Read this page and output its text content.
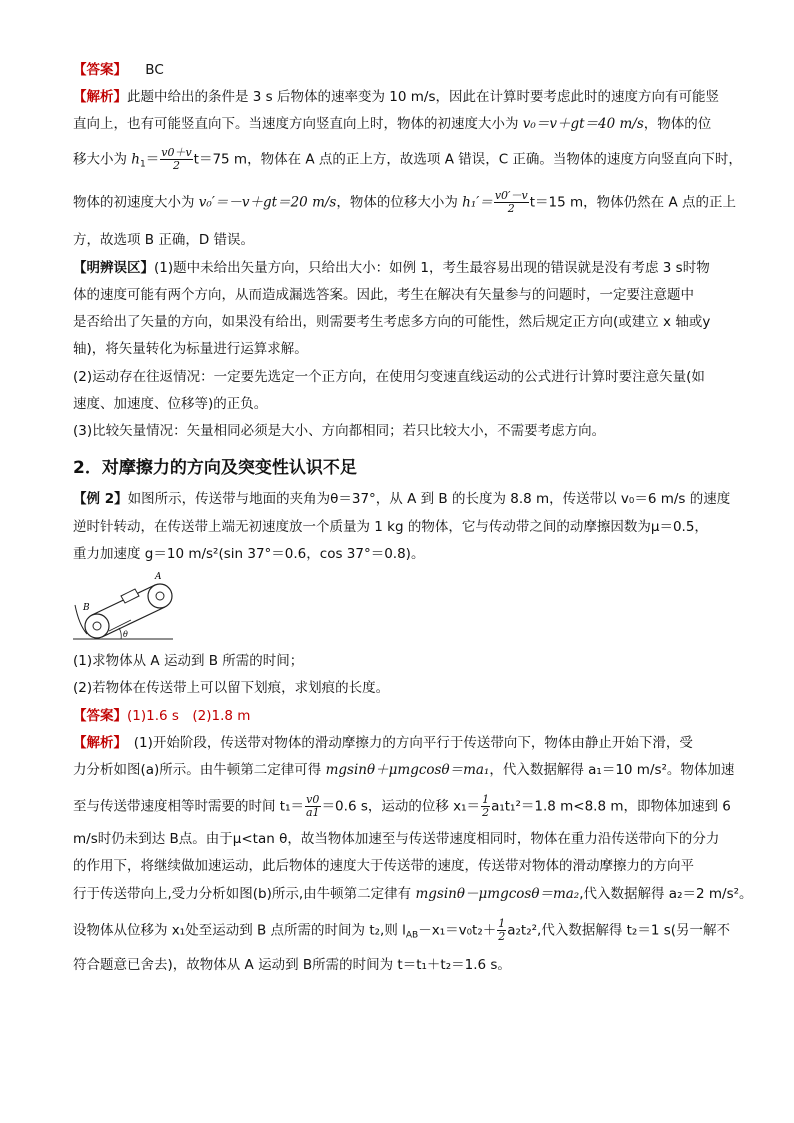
【答案】 BC
【解析】此题中给出的条件是 3 s 后物体的速率变为 10 m/s，因此在计算时要考虑此时的速度方向有可能竖
直向上，也有可能竖直向下。当速度方向竖直向上时，物体的初速度大小为 v₀＝v＋gt＝40 m/s，物体的位
移大小为 $h_1= \frac{v0+v}{2} t=75$ m，物体在 A 点的正上方，故选项 A 错误，C 正确。当物体的速度方向竖直向下时，
物体的初速度大小为 v₀′＝－v＋gt＝20 m/s，物体的位移大小为 $h_1'= \frac{v0'-v}{2} t=15$ m，物体仍然在 A 点的正上
方，故选项 B 正确，D 错误。
【明辨误区】(1)题中未给出矢量方向，只给出大小：如例 1，考生最容易出现的错误就是没有考虑 3 s时物
体的速度可能有两个方向，从而造成漏选答案。因此，考生在解决有矢量参与的问题时，一定要注意题中
是否给出了矢量的方向，如果没有给出，则需要考生考虑多方向的可能性，然后规定正方向(或建立 x 轴或y
轴)，将矢量转化为标量进行运算求解。
(2)运动存在往返情况：一定要先选定一个正方向，在使用匀变速直线运动的公式进行计算时要注意矢量(如
速度、加速度、位移等)的正负。
(3)比较矢量情况：矢量相同必须是大小、方向都相同；若只比较大小，不需要考虑方向。
2．对摩擦力的方向及突变性认识不足
【例 2】如图所示，传送带与地面的夹角为θ＝37°，从 A 到 B 的长度为 8.8 m，传送带以 v₀＝6 m/s 的速度
逆时针转动，在传送带上端无初速度放一个质量为 1 kg 的物体，它与传动带之间的动摩擦因数为μ＝0.5，
重力加速度 g＝10 m/s²(sin 37°＝0.6，cos 37°＝0.8)。
A
B
θ
(1)求物体从 A 运动到 B 所需的时间；
(2)若物体在传送带上可以留下划痕，求划痕的长度。
【答案】(1)1.6 s　(2)1.8 m
【解析】　(1)开始阶段，传送带对物体的滑动摩擦力的方向平行于传送带向下，物体由静止开始下滑，受
力分析如图(a)所示。由牛顿第二定律可得 mgsinθ＋μmgcosθ＝ma₁，代入数据解得 a₁＝10 m/s²。物体加速
至与传送带速度相等时需要的时间 $t_1= \frac{v0}{a1} =0.6$ s，运动的位移 $x_1= \frac{1}{2} a_1t_1^2=1.8$ m<8.8 m，即物体加速到 6
m/s时仍未到达 B点。由于μ<tan θ，故当物体加速至与传送带速度相同时，物体在重力沿传送带向下的分力
的作用下，将继续做加速运动，此后物体的速度大于传送带的速度，传送带对物体的滑动摩擦力的方向平
行于传送带向上,受力分析如图(b)所示,由牛顿第二定律有 mgsinθ－μmgcosθ＝ma₂,代入数据解得 a₂＝2 m/s²。
设物体从位移为 x₁处至运动到 B 点所需的时间为 t₂,则 $l_{AB}-x_1=v_0t_2+ \frac{1}{2} a_2t_2^2$,代入数据解得 t₂＝1 s(另一解不
符合题意已舍去)，故物体从 A 运动到 B所需的时间为 t＝t₁＋t₂＝1.6 s。
